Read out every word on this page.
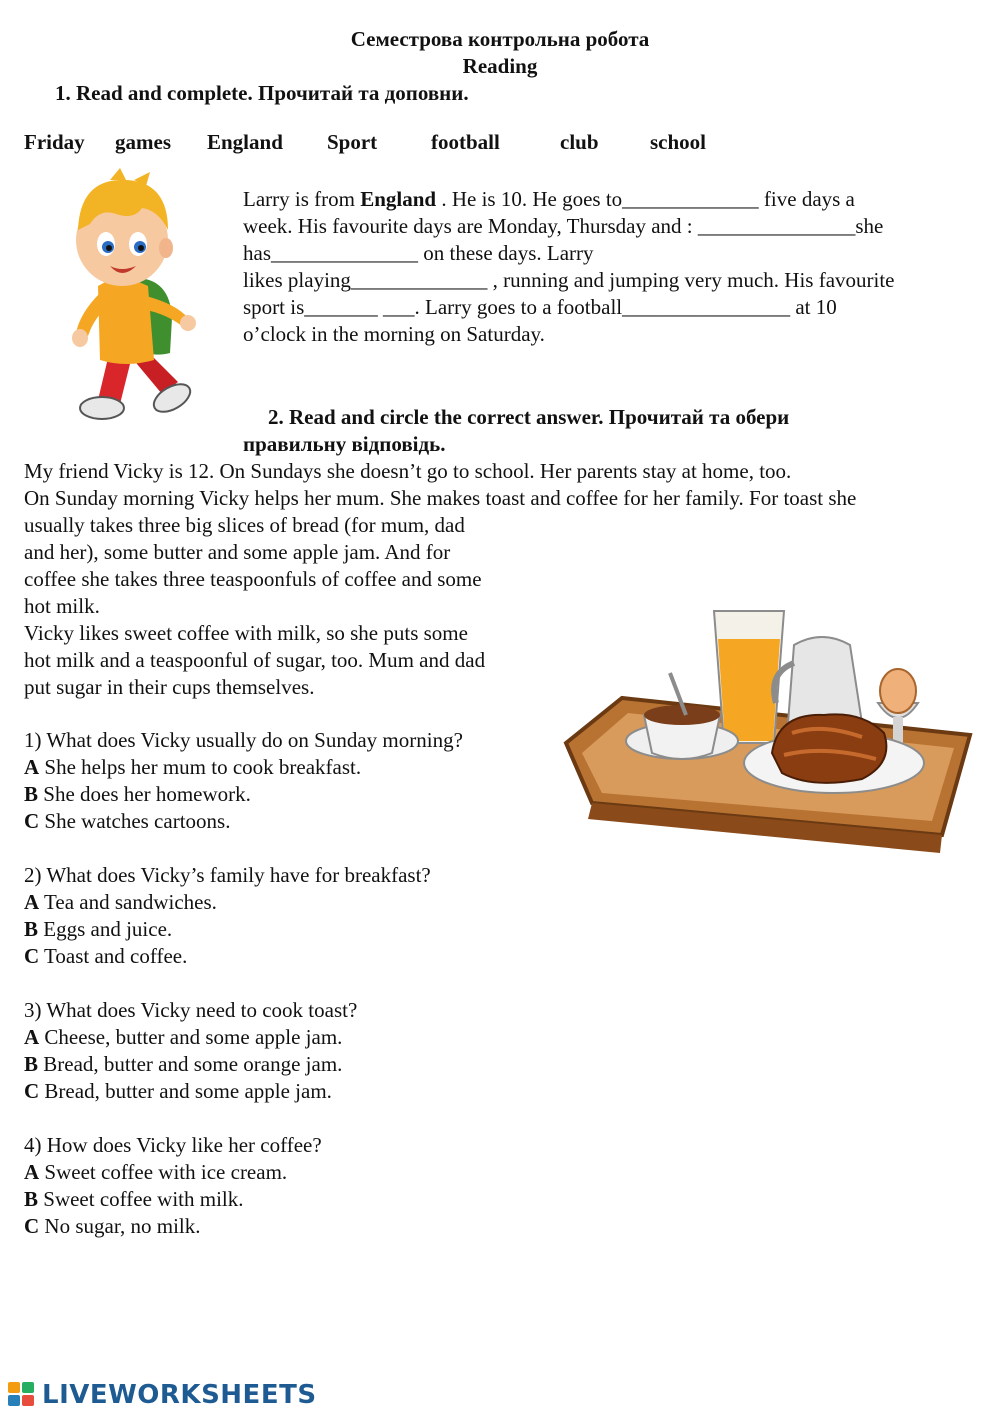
Семестрова контрольна робота
Reading
1. Read and complete. Прочитай та доповни.
Friday games England Sport	football	club school
Larry is from England . He is 10. He goes to_____________ five days a
week. His favourite days are Monday, Thursday and : _______________she
has______________ on these days. Larry
likes playing_____________ , running and jumping very much. His favourite
sport is_______ ___. Larry goes to a football________________ at 10
o’clock in the morning on Saturday.
2. Read and circle the correct answer. Прочитай та обери
правильну відповідь.
My friend Vicky is 12. On Sundays she doesn’t go to school. Her parents stay at home, too.
On Sunday morning Vicky helps her mum. She makes toast and coffee for her family. For toast she
usually takes three big slices of bread (for mum, dad
and her), some butter and some apple jam. And for
coffee she takes three teaspoonfuls of coffee and some
hot milk.
Vicky likes sweet coffee with milk, so she puts some
hot milk and a teaspoonful of sugar, too. Mum and dad
put sugar in their cups themselves.
1) What does Vicky usually do on Sunday morning?
A She helps her mum to cook breakfast.
B She does her homework.
C She watches cartoons.
2) What does Vicky’s family have for breakfast?
A Tea and sandwiches.
B Eggs and juice.
C Toast and coffee.
3) What does Vicky need to cook toast?
A Cheese, butter and some apple jam.
B Bread, butter and some orange jam.
C Bread, butter and some apple jam.
4) How does Vicky like her coffee?
A Sweet coffee with ice cream.
B Sweet coffee with milk.
C No sugar, no milk.
LIVEWORKSHEETS
